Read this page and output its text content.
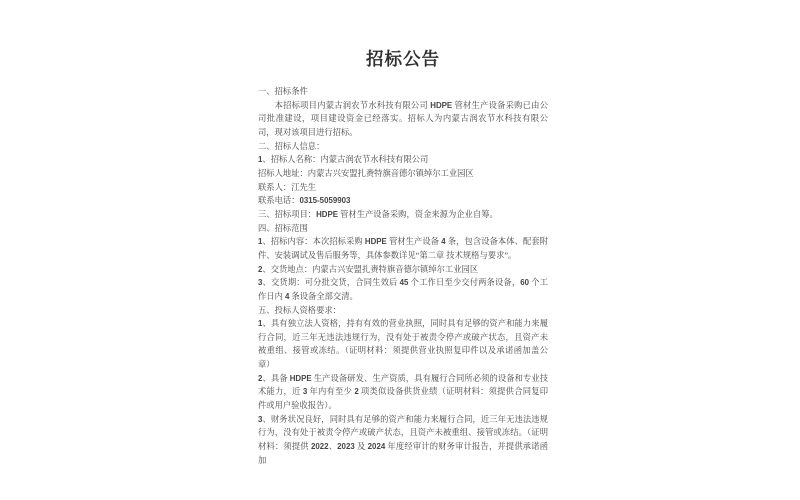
招标公告

一、招标条件

本招标项目内蒙古润农节水科技有限公司 HDPE 管材生产设备采购已由公司批准建设，项目建设资金已经落实。招标人为内蒙古润农节水科技有限公司，现对该项目进行招标。

二、招标人信息：

1、招标人名称：内蒙古润农节水科技有限公司

招标人地址：内蒙古兴安盟扎赉特旗音德尔镇绰尔工业园区

联系人：江先生

联系电话：0315-5059903

三、招标项目：HDPE 管材生产设备采购，资金来源为企业自筹。

四、招标范围

1、招标内容：本次招标采购 HDPE 管材生产设备 4 条，包含设备本体、配套附件、安装调试及售后服务等，具体参数详见“第二章 技术规格与要求”。

2、交货地点：内蒙古兴安盟扎赉特旗音德尔镇绰尔工业园区

3、交货期：可分批交货，合同生效后 45 个工作日至少交付两条设备，60 个工作日内 4 条设备全部交清。

五、投标人资格要求：

1、具有独立法人资格，持有有效的营业执照，同时具有足够的资产和能力来履行合同，近三年无违法违规行为，没有处于被责令停产或破产状态，且资产未被重组、接管或冻结。（证明材料：须提供营业执照复印件以及承诺函加盖公章）

2、具备 HDPE 生产设备研发、生产资质，具有履行合同所必须的设备和专业技术能力，近 3 年内有至少 2 项类似设备供货业绩（证明材料：须提供合同复印件或用户验收报告）。

3、财务状况良好，同时具有足够的资产和能力来履行合同，近三年无违法违规行为，没有处于被责令停产或破产状态，且资产未被重组、接管或冻结。（证明材料：须提供 2022、2023 及 2024 年度经审计的财务审计报告，并提供承诺函加
